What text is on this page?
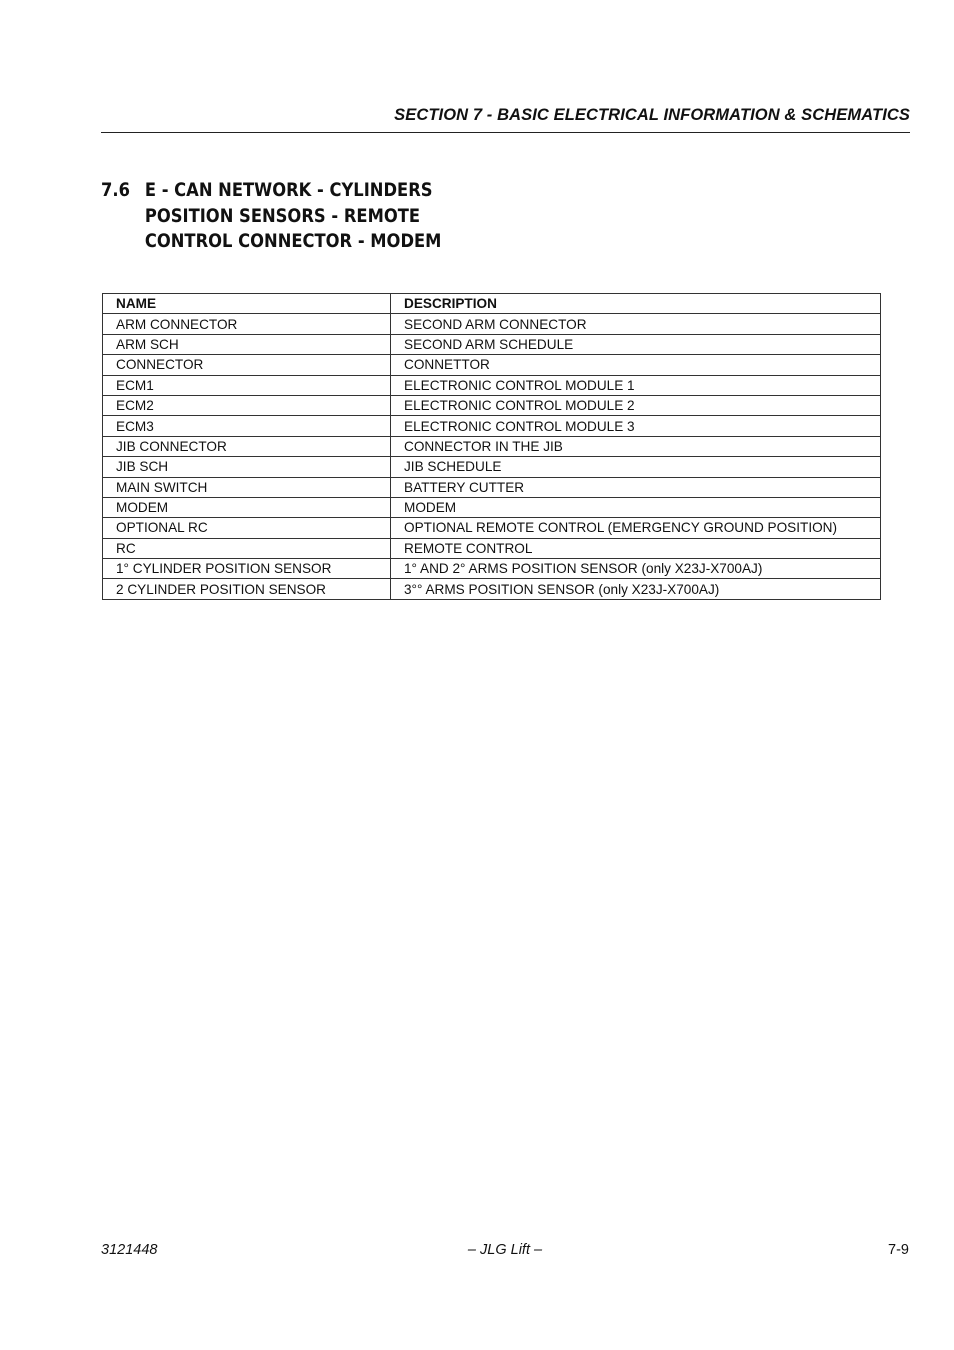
SECTION 7 - BASIC ELECTRICAL INFORMATION & SCHEMATICS
7.6 E - CAN NETWORK - CYLINDERS
POSITION SENSORS - REMOTE
CONTROL CONNECTOR - MODEM
NAME	DESCRIPTION
ARM CONNECTOR	SECOND ARM CONNECTOR
ARM SCH	SECOND ARM SCHEDULE
CONNECTOR	CONNETTOR
ECM1	ELECTRONIC CONTROL MODULE 1
ECM2	ELECTRONIC CONTROL MODULE 2
ECM3	ELECTRONIC CONTROL MODULE 3
JIB CONNECTOR	CONNECTOR IN THE JIB
JIB SCH	JIB SCHEDULE
MAIN SWITCH	BATTERY CUTTER
MODEM	MODEM
OPTIONAL RC	OPTIONAL REMOTE CONTROL (EMERGENCY GROUND POSITION)
RC	REMOTE CONTROL
1° CYLINDER POSITION SENSOR	1° AND 2° ARMS POSITION SENSOR (only X23J-X700AJ)
2 CYLINDER POSITION SENSOR	3°° ARMS POSITION SENSOR (only X23J-X700AJ)
3121448	– JLG Lift –	7-9
